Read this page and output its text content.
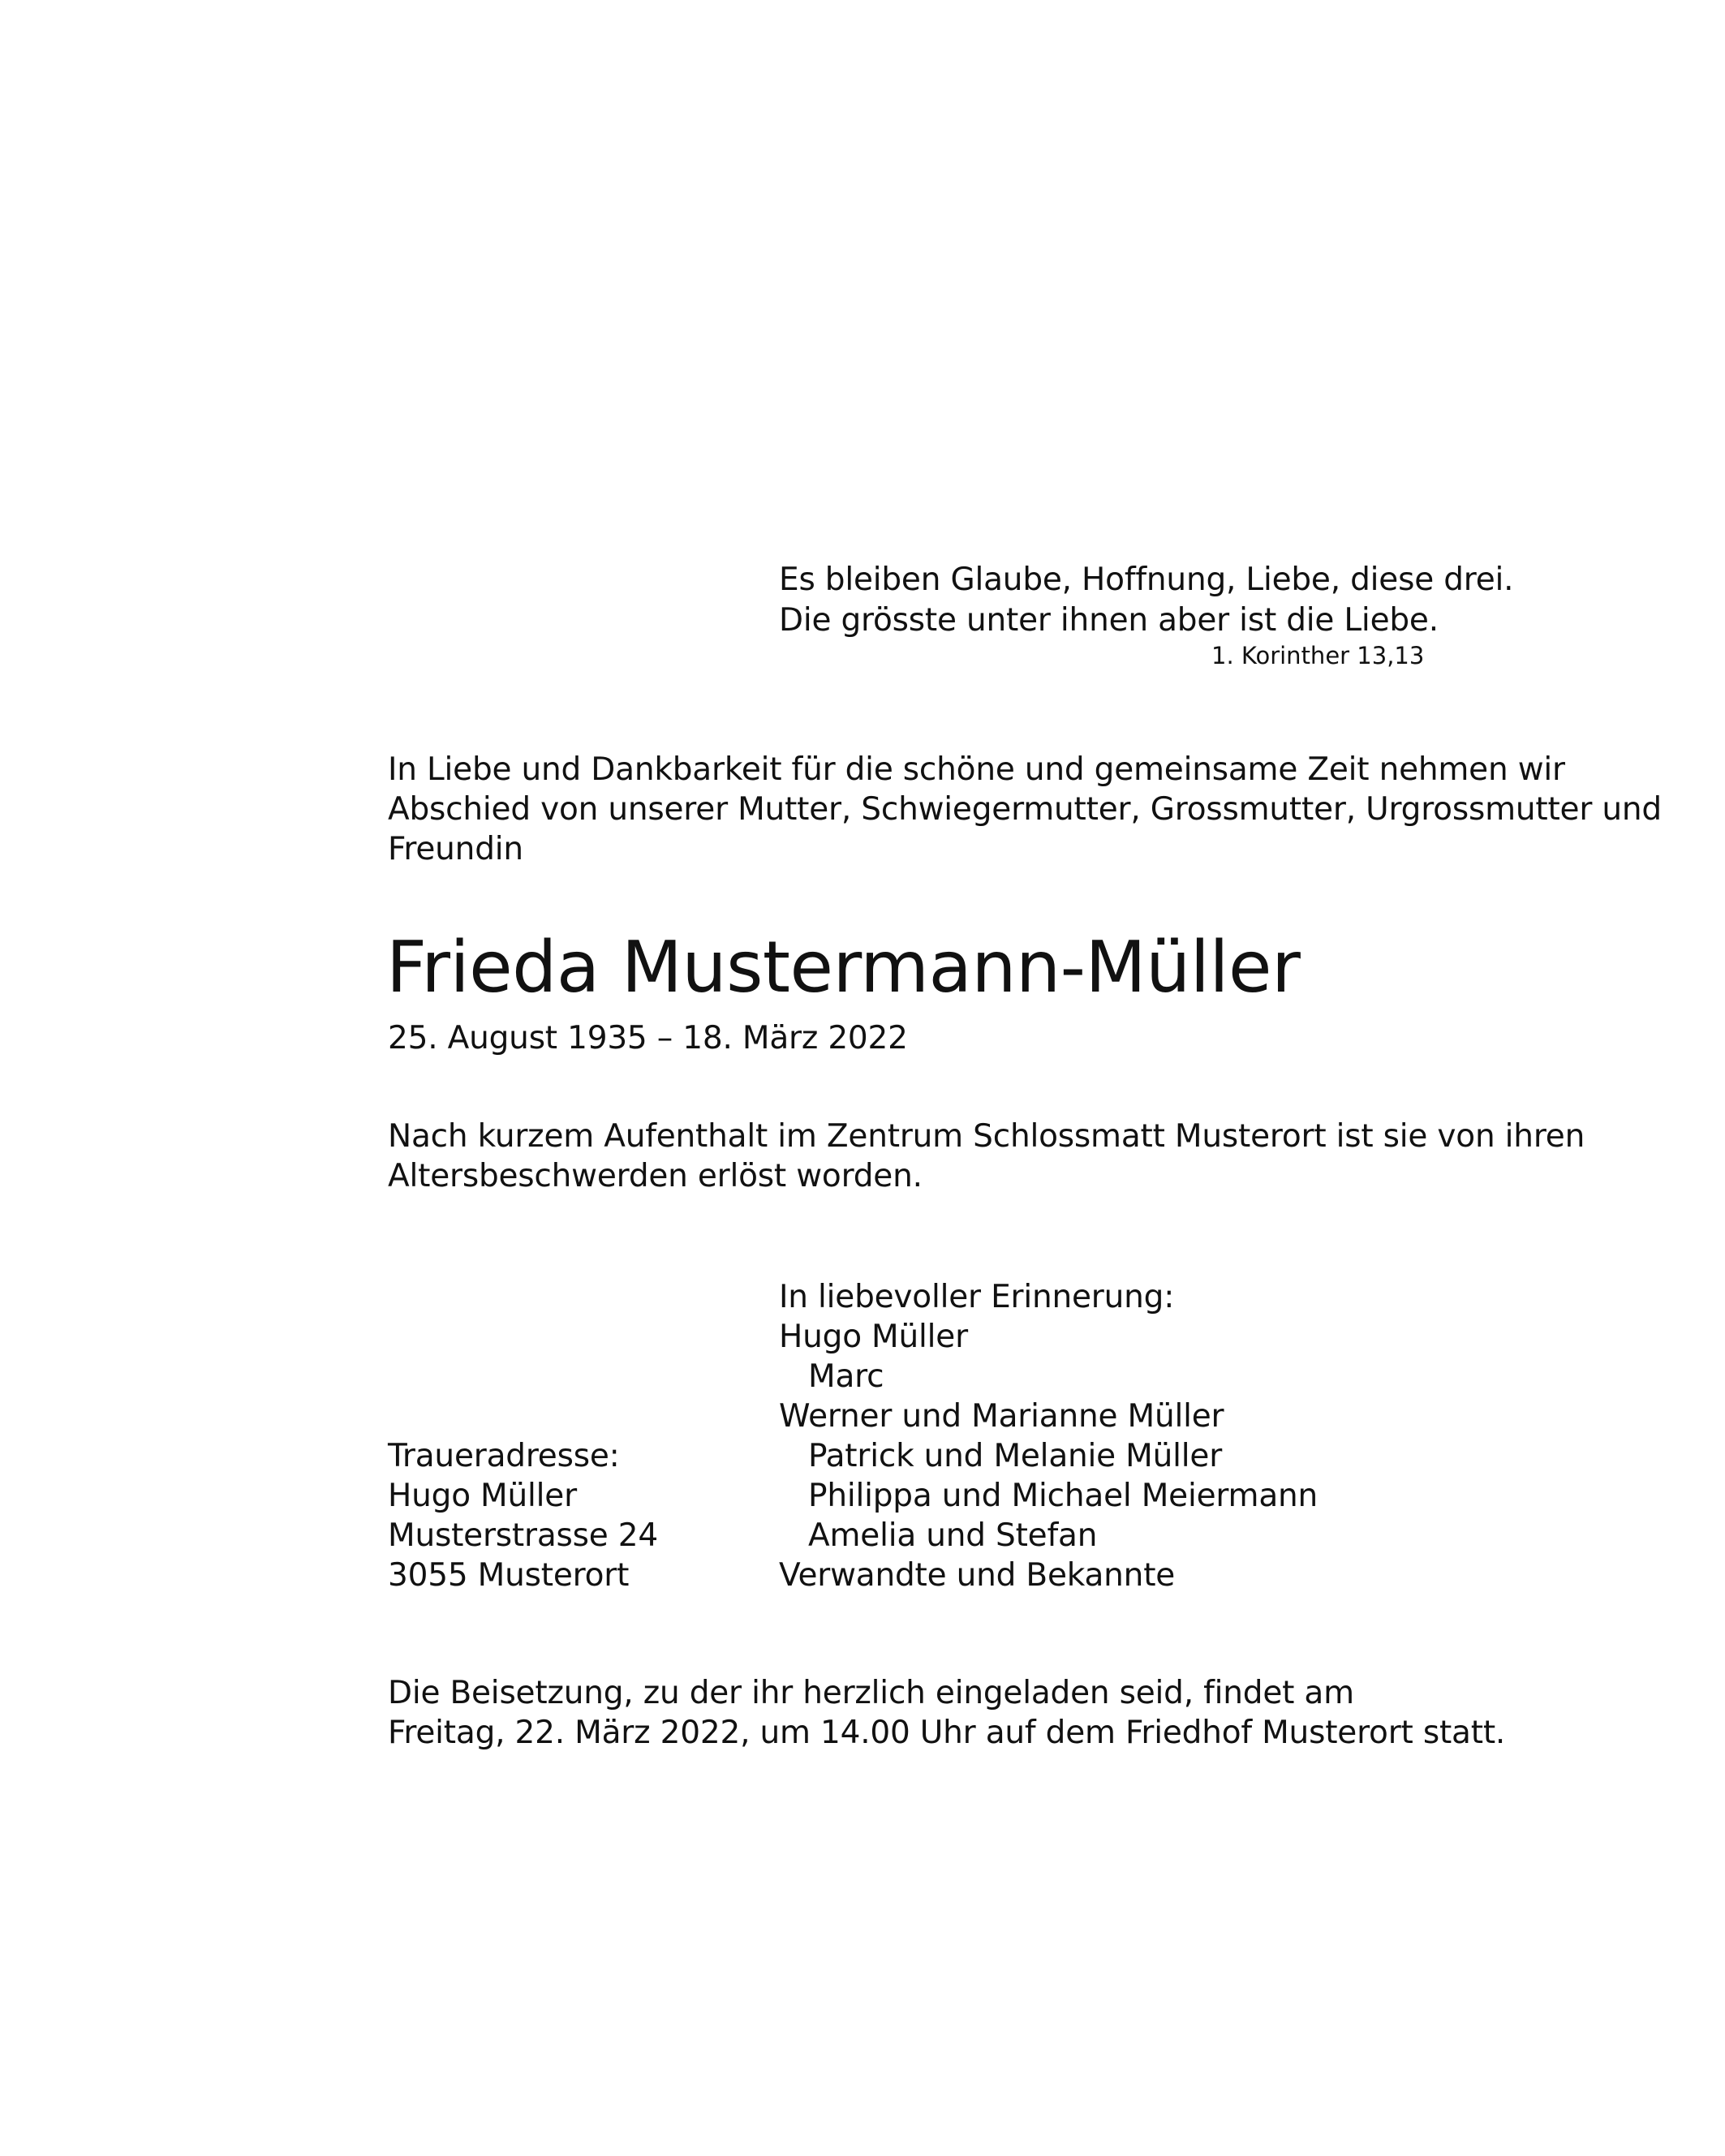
Es bleiben Glaube, Hoffnung, Liebe, diese drei.
Die grösste unter ihnen aber ist die Liebe.
1. Korinther 13,13
In Liebe und Dankbarkeit für die schöne und gemeinsame Zeit nehmen wir
Abschied von unserer Mutter, Schwiegermutter, Grossmutter, Urgrossmutter und
Freundin
Frieda Mustermann-Müller
25. August 1935 – 18. März 2022
Nach kurzem Aufenthalt im Zentrum Schlossmatt Musterort ist sie von ihren
Altersbeschwerden erlöst worden.
In liebevoller Erinnerung:
Hugo Müller
Marc
Werner und Marianne Müller
Patrick und Melanie Müller
Philippa und Michael Meiermann
Amelia und Stefan
Verwandte und Bekannte
Traueradresse:
Hugo Müller
Musterstrasse 24
3055 Musterort
Die Beisetzung, zu der ihr herzlich eingeladen seid, findet am
Freitag, 22. März 2022, um 14.00 Uhr auf dem Friedhof Musterort statt.
